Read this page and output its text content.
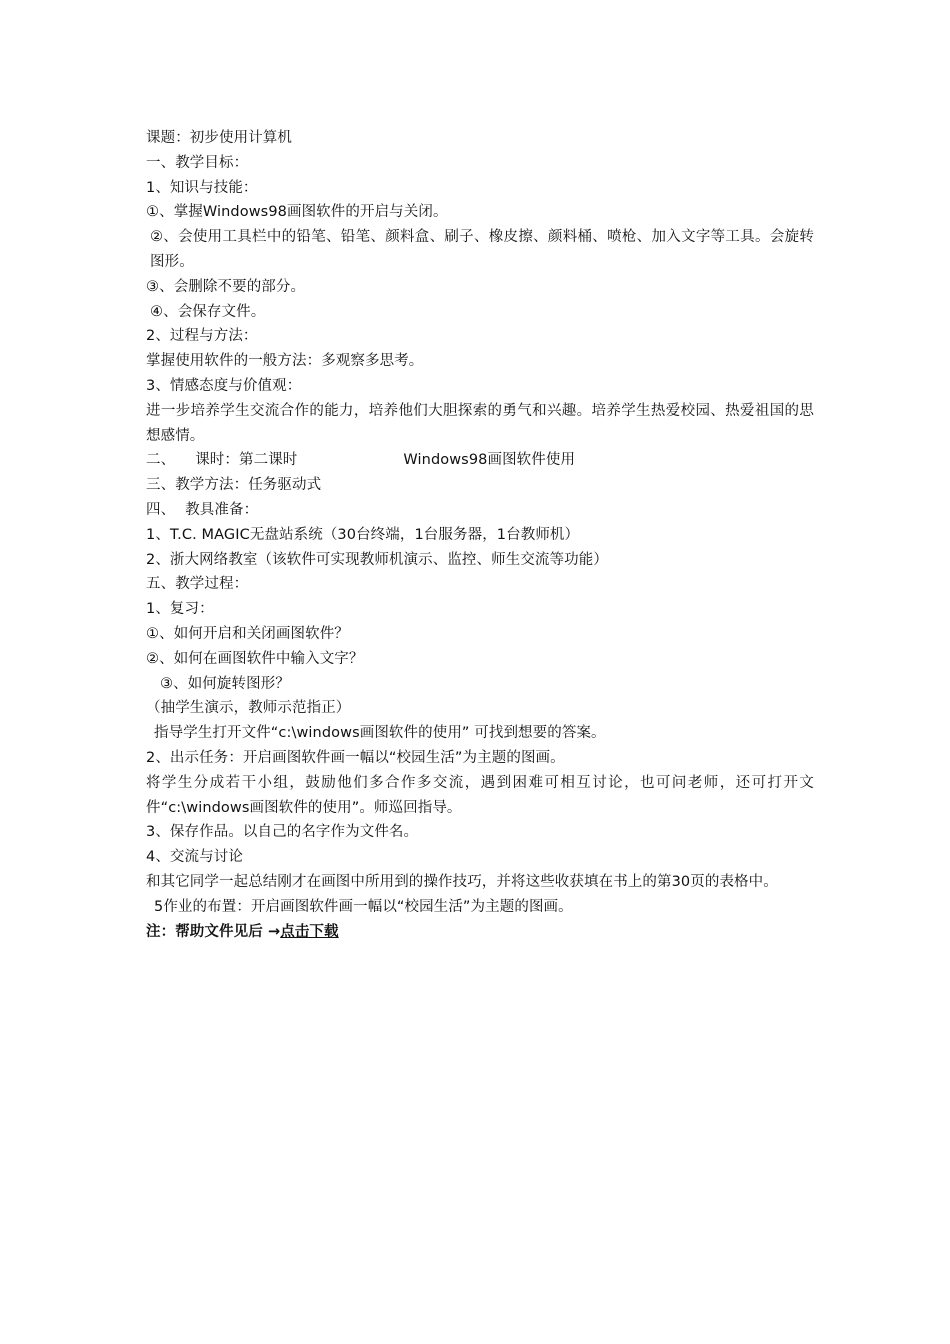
课题：初步使用计算机
一、教学目标：
1、知识与技能：
①、掌握Windows98画图软件的开启与关闭。
②、会使用工具栏中的铅笔、铅笔、颜料盒、刷子、橡皮擦、颜料桶、喷枪、加入文字等工具。会旋转图形。
③、会删除不要的部分。
④、会保存文件。
2、过程与方法：
掌握使用软件的一般方法：多观察多思考。
3、情感态度与价值观：
进一步培养学生交流合作的能力，培养他们大胆探索的勇气和兴趣。培养学生热爱校园、热爱祖国的思想感情。
二、 课时：第二课时	Windows98画图软件使用
三、教学方法：任务驱动式
四、 教具准备：
1、T.C. MAGIC无盘站系统（30台终端，1台服务器，1台教师机）
2、浙大网络教室（该软件可实现教师机演示、监控、师生交流等功能）
五、教学过程：
1、复习：
①、如何开启和关闭画图软件？
②、如何在画图软件中输入文字？
③、如何旋转图形？
（抽学生演示，教师示范指正）
指导学生打开文件“c:\windows画图软件的使用” 可找到想要的答案。
2、出示任务：开启画图软件画一幅以“校园生活”为主题的图画。
将学生分成若干小组，鼓励他们多合作多交流，遇到困难可相互讨论，也可问老师，还可打开文件“c:\windows画图软件的使用”。师巡回指导。
3、保存作品。以自己的名字作为文件名。
4、交流与讨论
和其它同学一起总结刚才在画图中所用到的操作技巧，并将这些收获填在书上的第30页的表格中。
5作业的布置：开启画图软件画一幅以“校园生活”为主题的图画。
注：帮助文件见后 →点击下载
